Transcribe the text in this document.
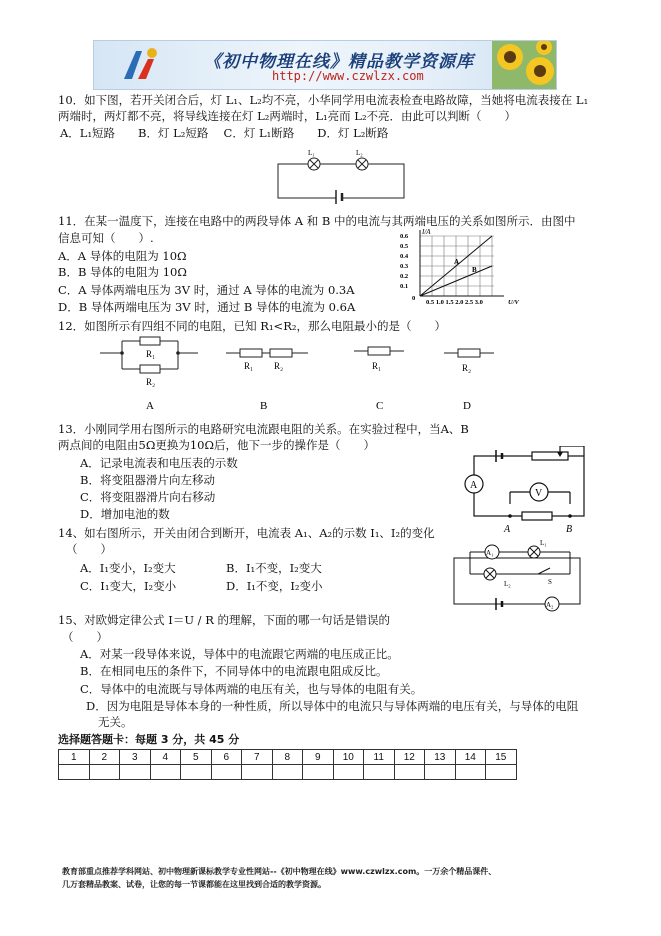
《初中物理在线》精品教学资源库
http://www.czwlzx.com
10．如下图，若开关闭合后，灯 L₁、L₂均不亮，小华同学用电流表检查电路故障，当她将电流表接在 L₁
两端时，两灯都不亮，将导线连接在灯 L₂两端时，L₁亮而 L₂不亮．由此可以判断（　　）
A．L₁短路　　B．灯 L₂短路　 C．灯 L₁断路　　D．灯 L₂断路
L₁	L₂
11．在某一温度下，连接在电路中的两段导体 A 和 B 中的电流与其两端电压的关系如图所示．由图中
信息可知（　　）.
A．A 导体的电阻为 10Ω
B．B 导体的电阻为 10Ω
C．A 导体两端电压为 3V 时，通过 A 导体的电流为 0.3A
D．B 导体两端电压为 3V 时，通过 B 导体的电流为 0.6A
I/A
0.6
0.5
0.4
0.3
0.2
0.1
0
0.5 1.0 1.5 2.0 2.5 3.0	U/V
A
B
12．如图所示有四组不同的电阻，已知 R₁<R₂，那么电阻最小的是（　　）
R₁
R₂
R₁ R₂	R₁	R₂
A	B	C	D
13．小刚同学用右图所示的电路研究电流跟电阻的关系。在实验过程中，当A、B
两点间的电阻由5Ω更换为10Ω后，他下一步的操作是（　　）
A．记录电流表和电压表的示数
B．将变阻器滑片向左移动
C．将变阻器滑片向右移动
D．增加电池的数
A
V
A	B
14、如右图所示，开关由闭合到断开，电流表 A₁、A₂的示数 I₁、I₂的变化
（　　）
A．I₁变小，I₂变大	B．I₁不变，I₂变大
C．I₁变大，I₂变小	D．I₁不变，I₂变小
A₁
L₁
L₂	S
A₂
15、对欧姆定律公式 I＝U / R 的理解，下面的哪一句话是错误的
（　　）
A．对某一段导体来说，导体中的电流跟它两端的电压成正比。
B．在相同电压的条件下，不同导体中的电流跟电阻成反比。
C．导体中的电流既与导体两端的电压有关，也与导体的电阻有关。
D．因为电阻是导体本身的一种性质，所以导体中的电流只与导体两端的电压有关，与导体的电阻
无关。
选择题答题卡：每题 3 分，共 45 分
1	2	3	4	5	6	7	8	9	10	11	12	13	14	15

教育部重点推荐学科网站、初中物理新课标教学专业性网站--《初中物理在线》www.czwlzx.com。一万余个精品课件、
几万套精品教案、试卷，让您的每一节课都能在这里找到合适的教学资源。
